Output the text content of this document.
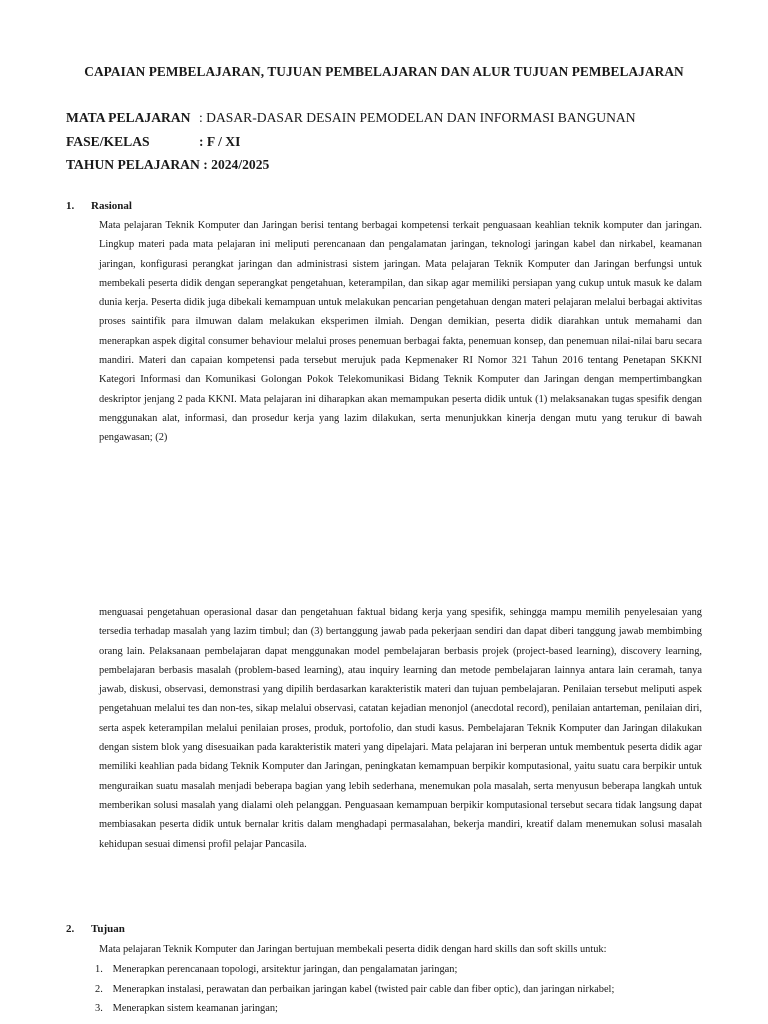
CAPAIAN PEMBELAJARAN, TUJUAN PEMBELAJARAN DAN ALUR TUJUAN PEMBELAJARAN
MATA PELAJARAN : DASAR-DASAR DESAIN PEMODELAN DAN INFORMASI BANGUNAN
FASE/KELAS	: F / XI
TAHUN PELAJARAN : 2024/2025
1. Rasional
Mata pelajaran Teknik Komputer dan Jaringan berisi tentang berbagai kompetensi terkait penguasaan keahlian teknik komputer dan jaringan. Lingkup materi pada mata pelajaran ini meliputi perencanaan dan pengalamatan jaringan, teknologi jaringan kabel dan nirkabel, keamanan jaringan, konfigurasi perangkat jaringan dan administrasi sistem jaringan. Mata pelajaran Teknik Komputer dan Jaringan berfungsi untuk membekali peserta didik dengan seperangkat pengetahuan, keterampilan, dan sikap agar memiliki persiapan yang cukup untuk masuk ke dalam dunia kerja. Peserta didik juga dibekali kemampuan untuk melakukan pencarian pengetahuan dengan materi pelajaran melalui berbagai aktivitas proses saintifik para ilmuwan dalam melakukan eksperimen ilmiah. Dengan demikian, peserta didik diarahkan untuk memahami dan menerapkan aspek digital consumer behaviour melalui proses penemuan berbagai fakta, penemuan konsep, dan penemuan nilai-nilai baru secara mandiri. Materi dan capaian kompetensi pada tersebut merujuk pada Kepmenaker RI Nomor 321 Tahun 2016 tentang Penetapan SKKNI Kategori Informasi dan Komunikasi Golongan Pokok Telekomunikasi Bidang Teknik Komputer dan Jaringan dengan mempertimbangkan deskriptor jenjang 2 pada KKNI. Mata pelajaran ini diharapkan akan memampukan peserta didik untuk (1) melaksanakan tugas spesifik dengan menggunakan alat, informasi, dan prosedur kerja yang lazim dilakukan, serta menunjukkan kinerja dengan mutu yang terukur di bawah pengawasan; (2)
menguasai pengetahuan operasional dasar dan pengetahuan faktual bidang kerja yang spesifik, sehingga mampu memilih penyelesaian yang tersedia terhadap masalah yang lazim timbul; dan (3) bertanggung jawab pada pekerjaan sendiri dan dapat diberi tanggung jawab membimbing orang lain. Pelaksanaan pembelajaran dapat menggunakan model pembelajaran berbasis projek (project-based learning), discovery learning, pembelajaran berbasis masalah (problem-based learning), atau inquiry learning dan metode pembelajaran lainnya antara lain ceramah, tanya jawab, diskusi, observasi, demonstrasi yang dipilih berdasarkan karakteristik materi dan tujuan pembelajaran. Penilaian tersebut meliputi aspek pengetahuan melalui tes dan non-tes, sikap melalui observasi, catatan kejadian menonjol (anecdotal record), penilaian antarteman, penilaian diri, serta aspek keterampilan melalui penilaian proses, produk, portofolio, dan studi kasus. Pembelajaran Teknik Komputer dan Jaringan dilakukan dengan sistem blok yang disesuaikan pada karakteristik materi yang dipelajari. Mata pelajaran ini berperan untuk membentuk peserta didik agar memiliki keahlian pada bidang Teknik Komputer dan Jaringan, peningkatan kemampuan berpikir komputasional, yaitu suatu cara berpikir untuk menguraikan suatu masalah menjadi beberapa bagian yang lebih sederhana, menemukan pola masalah, serta menyusun beberapa langkah untuk memberikan solusi masalah yang dialami oleh pelanggan. Penguasaan kemampuan berpikir komputasional tersebut secara tidak langsung dapat membiasakan peserta didik untuk bernalar kritis dalam menghadapi permasalahan, bekerja mandiri, kreatif dalam menemukan solusi masalah kehidupan sesuai dimensi profil pelajar Pancasila.
2. Tujuan
Mata pelajaran Teknik Komputer dan Jaringan bertujuan membekali peserta didik dengan hard skills dan soft skills untuk:
1. Menerapkan perencanaan topologi, arsitektur jaringan, dan pengalamatan jaringan;
2. Menerapkan instalasi, perawatan dan perbaikan jaringan kabel (twisted pair cable dan fiber optic), dan jaringan nirkabel;
3. Menerapkan sistem keamanan jaringan;
